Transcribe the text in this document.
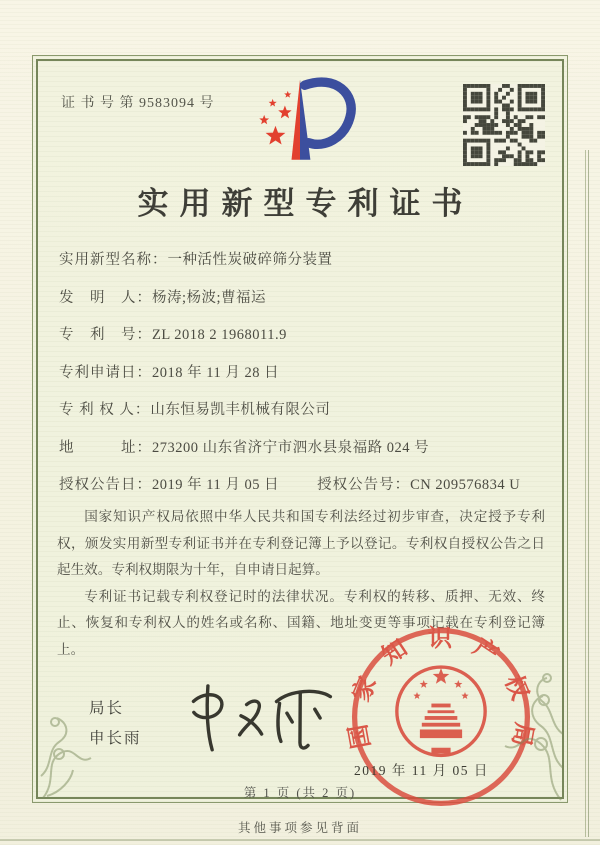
证 书 号 第 9583094 号
实用新型专利证书
实用新型名称： 一种活性炭破碎筛分装置
发　明　人： 杨涛;杨波;曹福运
专　利　号： ZL 2018 2 1968011.9
专利申请日： 2018 年 11 月 28 日
专 利 权 人： 山东恒易凯丰机械有限公司
地　　　址： 273200 山东省济宁市泗水县泉福路 024 号
授权公告日： 2019 年 11 月 05 日	授权公告号： CN 209576834 U

国家知识产权局依照中华人民共和国专利法经过初步审查，决定授予专利权，颁发实用新型专利证书并在专利登记簿上予以登记。专利权自授权公告之日起生效。专利权期限为十年，自申请日起算。

专利证书记载专利权登记时的法律状况。专利权的转移、质押、无效、终止、恢复和专利权人的姓名或名称、国籍、地址变更等事项记载在专利登记簿上。

局长
申长雨	国家知识产权局
2019 年 11 月 05 日
第 1 页 (共 2 页)
其他事项参见背面
